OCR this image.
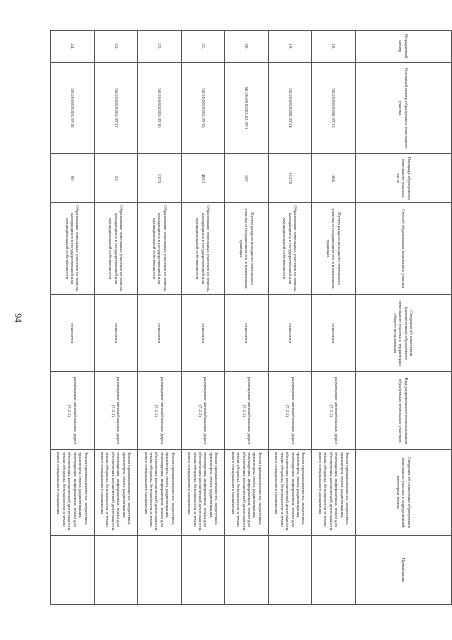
94
Порядковый номер	Условный номер образуемого земельного участка	Площадь образуемого земельного участка, кв. м	Способ образования земельного участка	Сведения об отнесении (неотнесении) образуемого земельного участка к территории общего пользования	Вид разрешенного использования образуемых земельных участков	Сведения об отнесении образуемого земельного участка к определенной категории земель	Примечание
18.	50:26:0010208:ЗУ13	364	Путем раздела исходного земельного участка и сохранением его в измененных границах	относится	размещение автомобильных дорог (7.2.1)	Земли промышленности, энергетики, транспорта, связи, радиовещания, телевидения, информатики, земли для обеспечения космической деятельности, земли обороны, безопасности и земли иного специального назначения	
19.	50:26:0010208:ЗУ14	11278	Образование земельных участков из земель, находящихся в государственной или муниципальной собственности	относится	размещение автомобильных дорог (7.2.1)	Земли промышленности, энергетики, транспорта, связи, радиовещания, телевидения, информатики, земли для обеспечения космической деятельности, земли обороны, безопасности и земли иного специального назначения	
20.	50:26:0010203:62:ЗУ1	157	Путем раздела исходного земельного участка и сохранением его в измененных границах	относится	размещение автомобильных дорог (7.2.1)	Земли промышленности, энергетики, транспорта, связи, радиовещания, телевидения, информатики, земли для обеспечения космической деятельности, земли обороны, безопасности и земли иного специального назначения	
21.	50:26:0010203:ЗУ15	4023	Образование земельных участков из земель, находящихся в государственной или муниципальной собственности	относится	размещение автомобильных дорог (7.2.1)	Земли промышленности, энергетики, транспорта, связи, радиовещания, телевидения, информатики, земли для обеспечения космической деятельности, земли обороны, безопасности и земли иного специального назначения	
22.	50:26:0010203:ЗУ16	1375	Образование земельных участков из земель, находящихся в государственной или муниципальной собственности	относится	размещение автомобильных дорог (7.2.1)	Земли промышленности, энергетики, транспорта, связи, радиовещания, телевидения, информатики, земли для обеспечения космической деятельности, земли обороны, безопасности и земли иного специального назначения	
23.	50:26:0010203:ЗУ17	53	Образование земельных участков из земель, находящихся в государственной или муниципальной собственности	относится	размещение автомобильных дорог (7.2.1)	Земли промышленности, энергетики, транспорта, связи, радиовещания, телевидения, информатики, земли для обеспечения космической деятельности, земли обороны, безопасности и земли иного специального назначения	
24.	50:26:0010203:ЗУ18	60	Образование земельных участков из земель, находящихся в государственной или муниципальной собственности	относится	размещение автомобильных дорог (7.2.1)	Земли промышленности, энергетики, транспорта, связи, радиовещания, телевидения, информатики, земли для обеспечения космической деятельности, земли обороны, безопасности и земли иного специального назначения	
